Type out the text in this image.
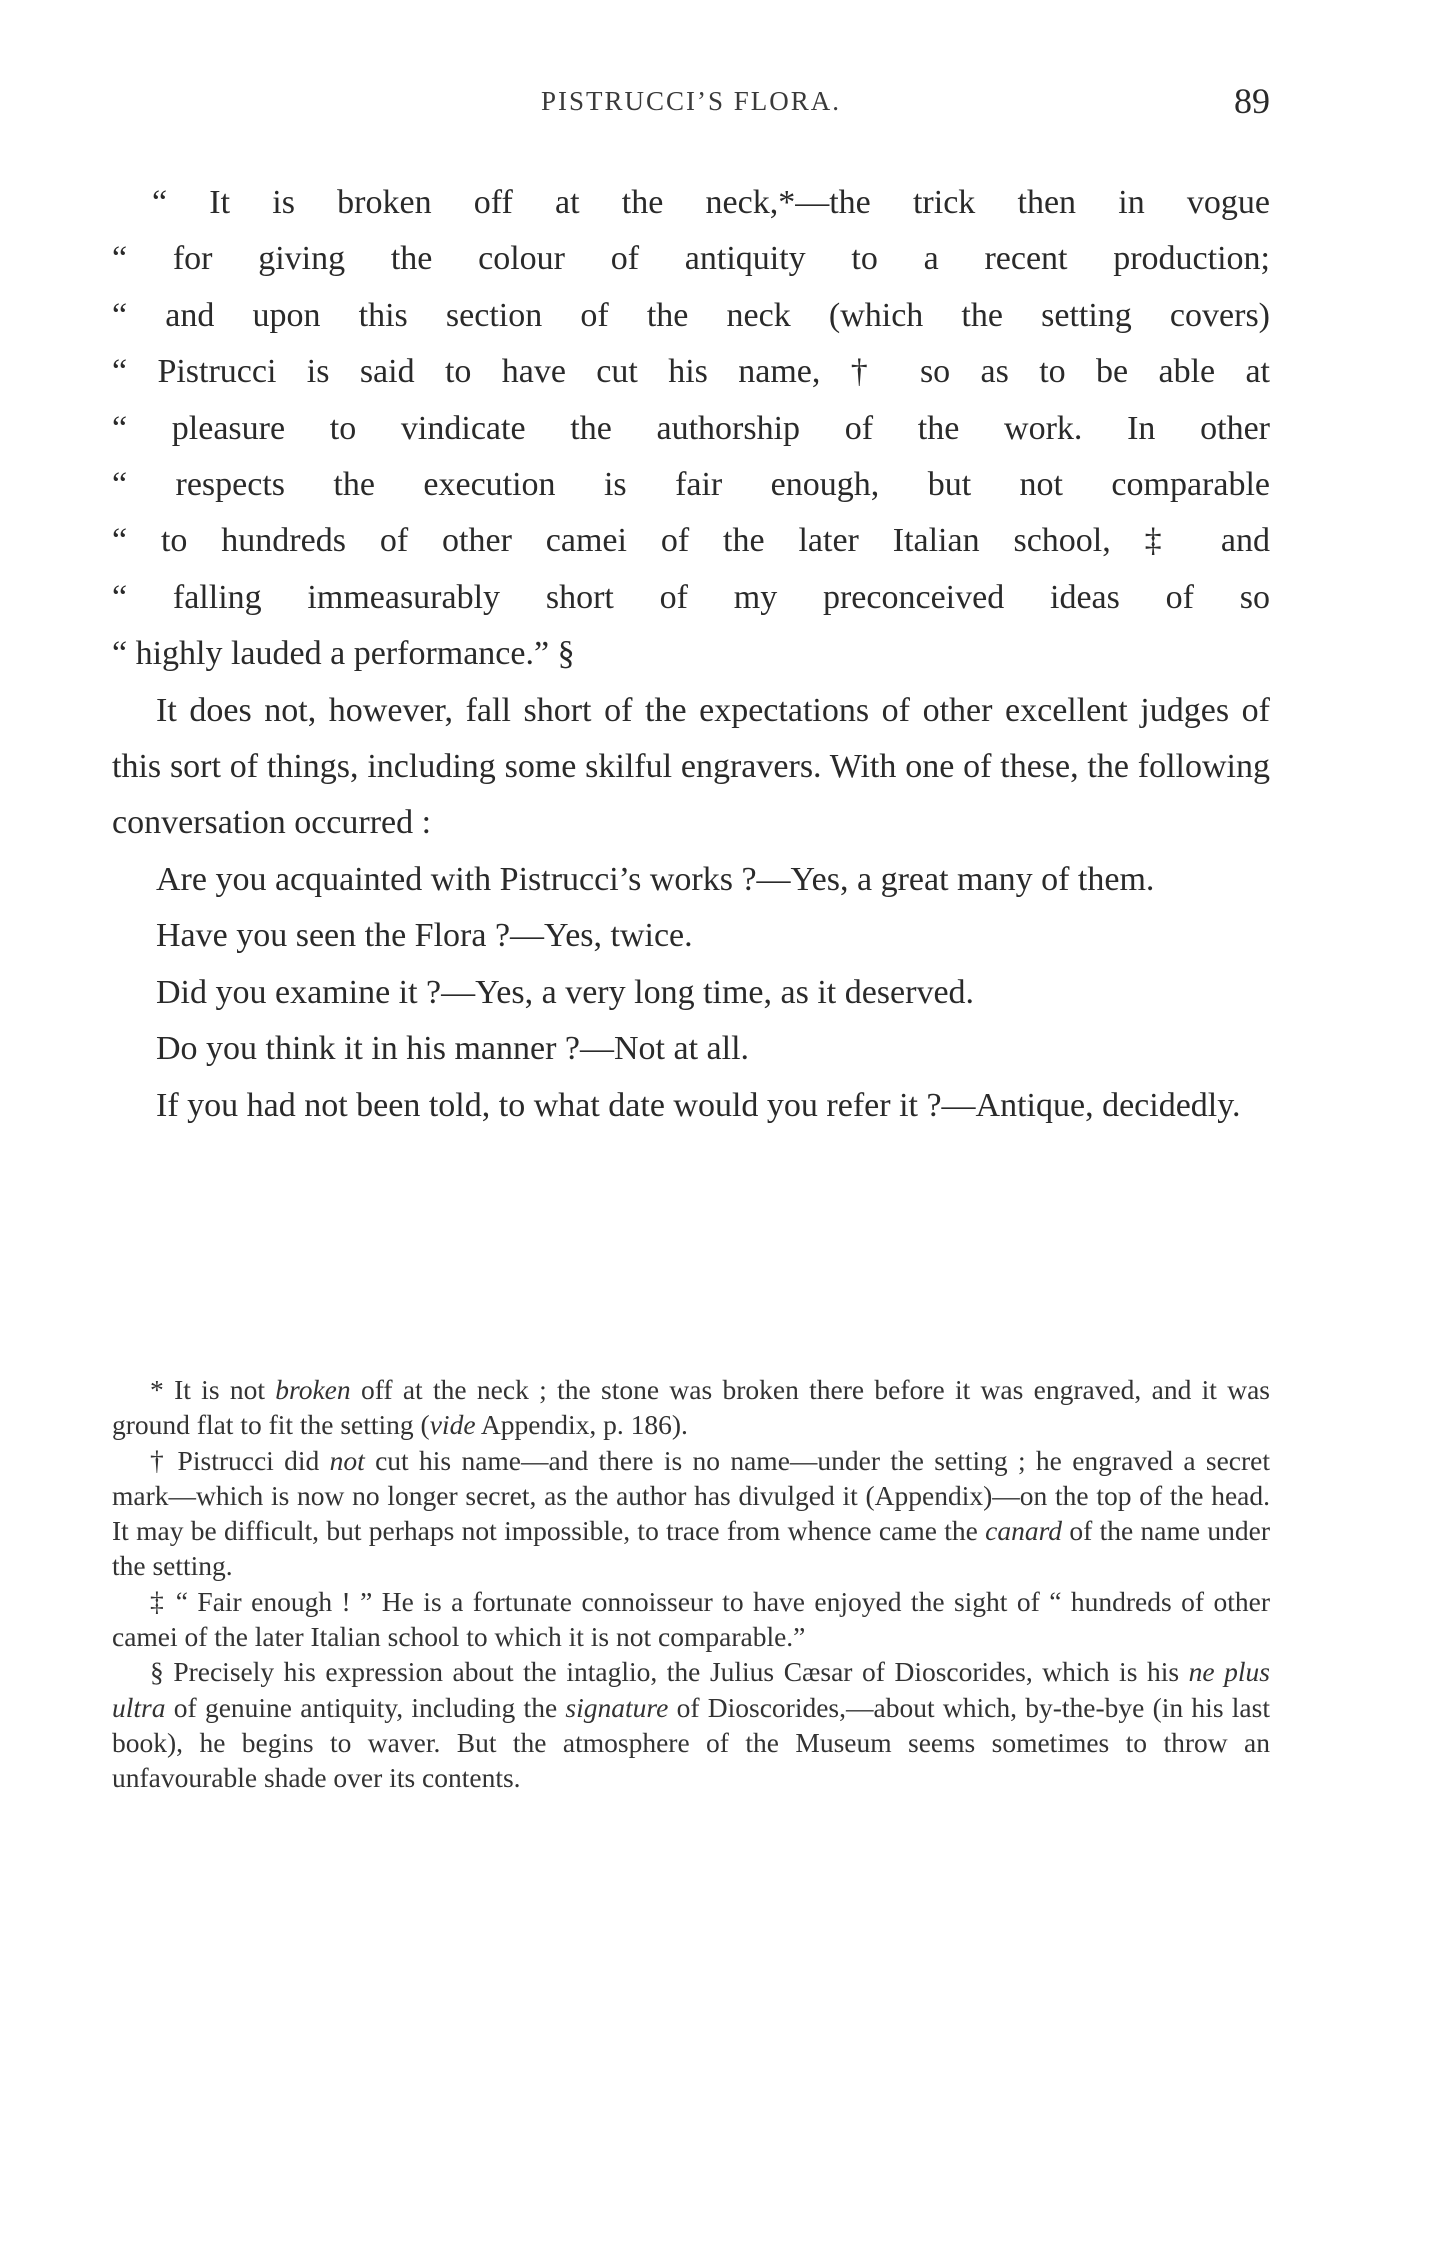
PISTRUCCI’S FLORA.	89
“ It is broken off at the neck,*—the trick then in vogue
“ for giving the colour of antiquity to a recent production;
“ and upon this section of the neck (which the setting covers)
“ Pistrucci is said to have cut his name, † so as to be able at
“ pleasure to vindicate the authorship of the work. In other
“ respects the execution is fair enough, but not comparable
“ to hundreds of other camei of the later Italian school, ‡ and
“ falling immeasurably short of my preconceived ideas of so
“ highly lauded a performance.” §

It does not, however, fall short of the expectations of other excellent judges of this sort of things, including some skilful engravers. With one of these, the following conversation occurred :

Are you acquainted with Pistrucci’s works ?—Yes, a great many of them.

Have you seen the Flora ?—Yes, twice.

Did you examine it ?—Yes, a very long time, as it deserved.

Do you think it in his manner ?—Not at all.

If you had not been told, to what date would you refer it ?—Antique, decidedly.

* It is not broken off at the neck ; the stone was broken there before it was engraved, and it was ground flat to fit the setting (vide Appendix, p. 186).

† Pistrucci did not cut his name—and there is no name—under the setting ; he engraved a secret mark—which is now no longer secret, as the author has divulged it (Appendix)—on the top of the head. It may be difficult, but perhaps not impossible, to trace from whence came the canard of the name under the setting.

‡ “ Fair enough ! ” He is a fortunate connoisseur to have enjoyed the sight of “ hundreds of other camei of the later Italian school to which it is not comparable.”

§ Precisely his expression about the intaglio, the Julius Cæsar of Dioscorides, which is his ne plus ultra of genuine antiquity, including the signature of Dioscorides,—about which, by-the-bye (in his last book), he begins to waver. But the atmosphere of the Museum seems sometimes to throw an unfavourable shade over its contents.
